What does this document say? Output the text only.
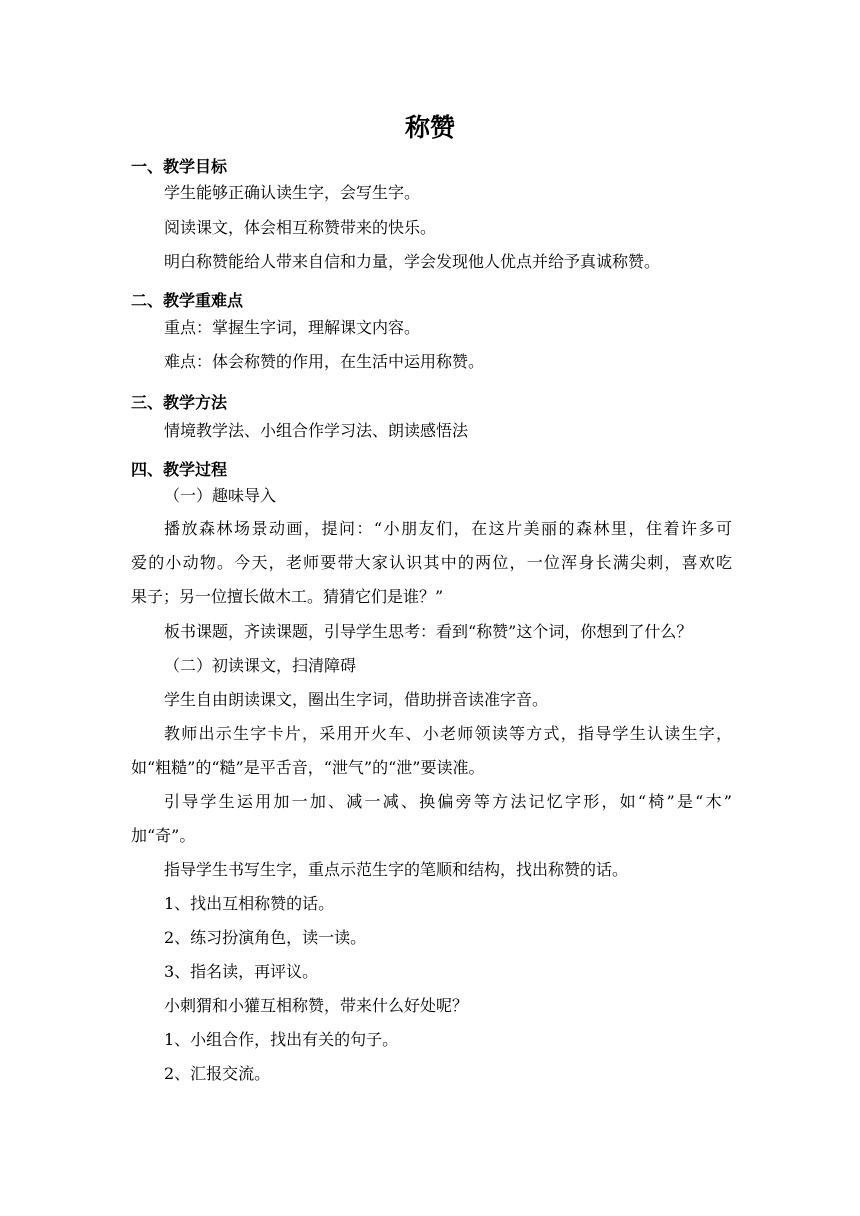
称赞
一、教学目标
学生能够正确认读生字，会写生字。
阅读课文，体会相互称赞带来的快乐。
明白称赞能给人带来自信和力量，学会发现他人优点并给予真诚称赞。
二、教学重难点
重点：掌握生字词，理解课文内容。
难点：体会称赞的作用，在生活中运用称赞。
三、教学方法
情境教学法、小组合作学习法、朗读感悟法
四、教学过程
（一）趣味导入
播放森林场景动画，提问：“小朋友们，在这片美丽的森林里，住着许多可
爱的小动物。今天，老师要带大家认识其中的两位，一位浑身长满尖刺，喜欢吃
果子；另一位擅长做木工。猜猜它们是谁？”
板书课题，齐读课题，引导学生思考：看到“称赞”这个词，你想到了什么？
（二）初读课文，扫清障碍
学生自由朗读课文，圈出生字词，借助拼音读准字音。
教师出示生字卡片，采用开火车、小老师领读等方式，指导学生认读生字，
如“粗糙”的“糙”是平舌音，“泄气”的“泄”要读准。
引导学生运用加一加、减一减、换偏旁等方法记忆字形，如“椅”是“木”
加“奇”。
指导学生书写生字，重点示范生字的笔顺和结构，找出称赞的话。
1、找出互相称赞的话。
2、练习扮演角色，读一读。
3、指名读，再评议。
小刺猬和小獾互相称赞，带来什么好处呢？
1、小组合作，找出有关的句子。
2、汇报交流。
